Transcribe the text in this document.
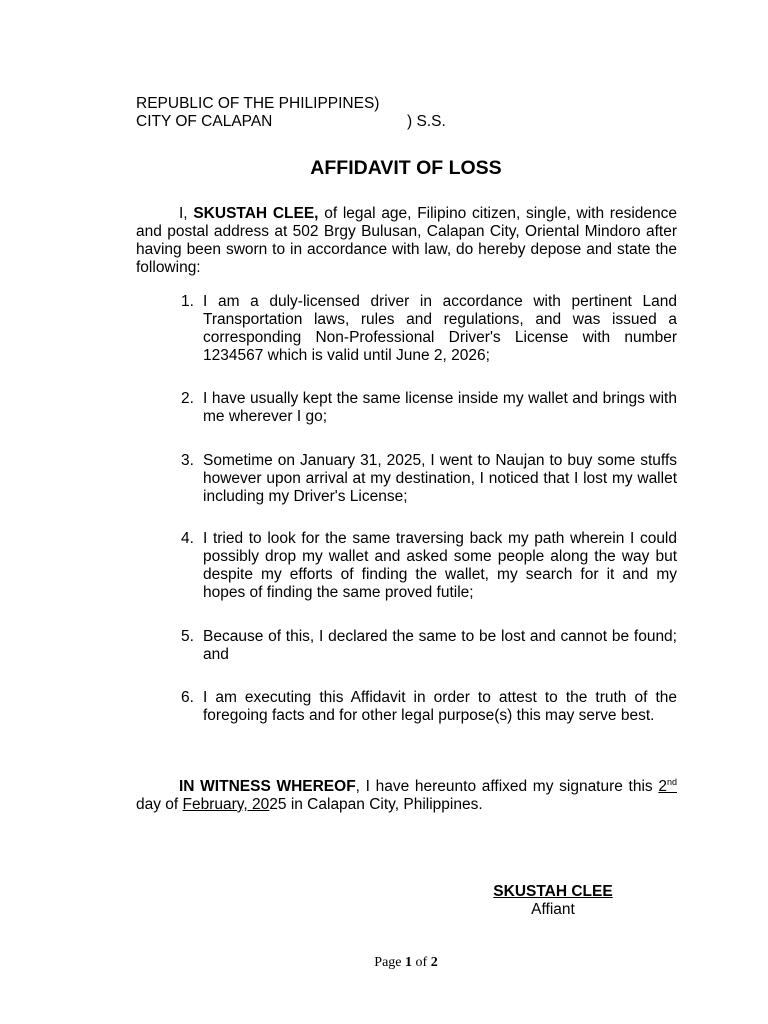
REPUBLIC OF THE PHILIPPINES)
CITY OF CALAPAN	) S.S.
AFFIDAVIT OF LOSS
I, SKUSTAH CLEE, of legal age, Filipino citizen, single, with residence and postal address at 502 Brgy Bulusan, Calapan City, Oriental Mindoro after having been sworn to in accordance with law, do hereby depose and state the following:
1. I am a duly-licensed driver in accordance with pertinent Land Transportation laws, rules and regulations, and was issued a corresponding Non-Professional Driver's License with number 1234567 which is valid until June 2, 2026;
2. I have usually kept the same license inside my wallet and brings with me wherever I go;
3. Sometime on January 31, 2025, I went to Naujan to buy some stuffs however upon arrival at my destination, I noticed that I lost my wallet including my Driver's License;
4. I tried to look for the same traversing back my path wherein I could possibly drop my wallet and asked some people along the way but despite my efforts of finding the wallet, my search for it and my hopes of finding the same proved futile;
5. Because of this, I declared the same to be lost and cannot be found; and
6. I am executing this Affidavit in order to attest to the truth of the foregoing facts and for other legal purpose(s) this may serve best.
IN WITNESS WHEREOF, I have hereunto affixed my signature this 2nd day of February, 2025 in Calapan City, Philippines.
SKUSTAH CLEE
Affiant
Page 1 of 2
